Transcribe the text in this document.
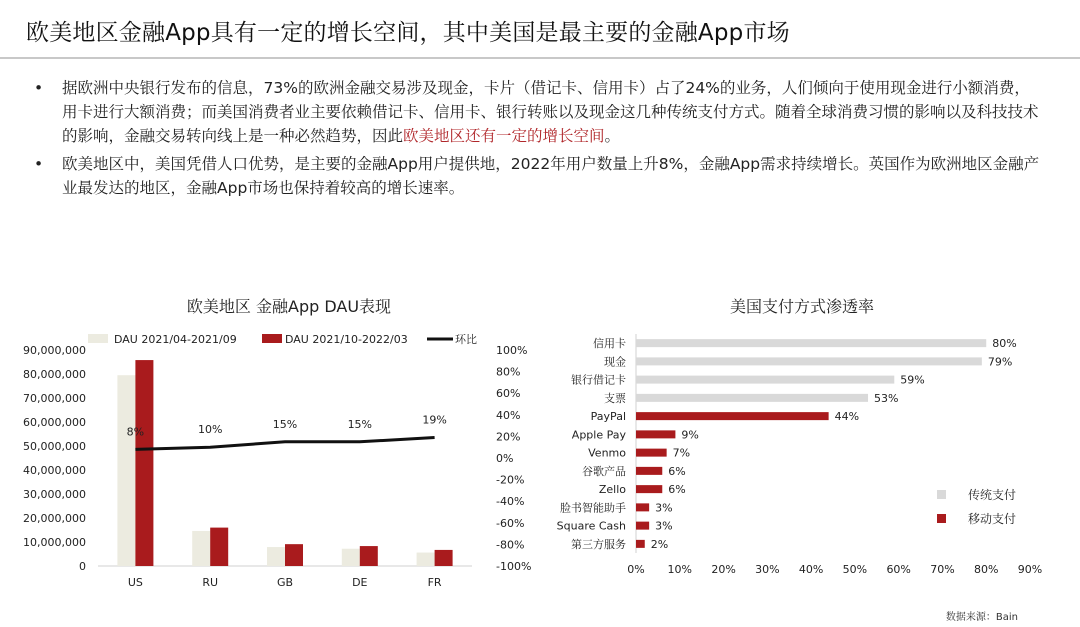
欧美地区金融App具有一定的增长空间，其中美国是最主要的金融App市场
• 据欧洲中央银行发布的信息，73%的欧洲金融交易涉及现金，卡片（借记卡、信用卡）占了24%的业务，人们倾向于使用现金进行小额消费，用卡进行大额消费；而美国消费者业主要依赖借记卡、信用卡、银行转账以及现金这几种传统支付方式。随着全球消费习惯的影响以及科技技术的影响，金融交易转向线上是一种必然趋势，因此欧美地区还有一定的增长空间。
• 欧美地区中，美国凭借人口优势，是主要的金融App用户提供地，2022年用户数量上升8%，金融App需求持续增长。英国作为欧洲地区金融产业最发达的地区，金融App市场也保持着较高的增长速率。
欧美地区 金融App DAU表现
DAU 2021/04-2021/09	DAU 2021/10-2022/03	环比
0
10,000,000
20,000,000
30,000,000
40,000,000
50,000,000
60,000,000
70,000,000
80,000,000
90,000,000
-100%
-80%
-60%
-40%
-20%
0%
20%
40%
60%
80%
100%
US	RU	GB	DE	FR
8%	10%	15%	15%	19%
美国支付方式渗透率
信用卡	80%
现金	79%
银行借记卡	59%
支票	53%
PayPal	44%
Apple Pay	9%
Venmo	7%
谷歌产品	6%
Zello	6%
脸书智能助手	3%
Square Cash	3%
第三方服务 2%
0% 10% 20% 30% 40% 50% 60% 70% 80% 90%
传统支付
移动支付
数据来源：Bain
